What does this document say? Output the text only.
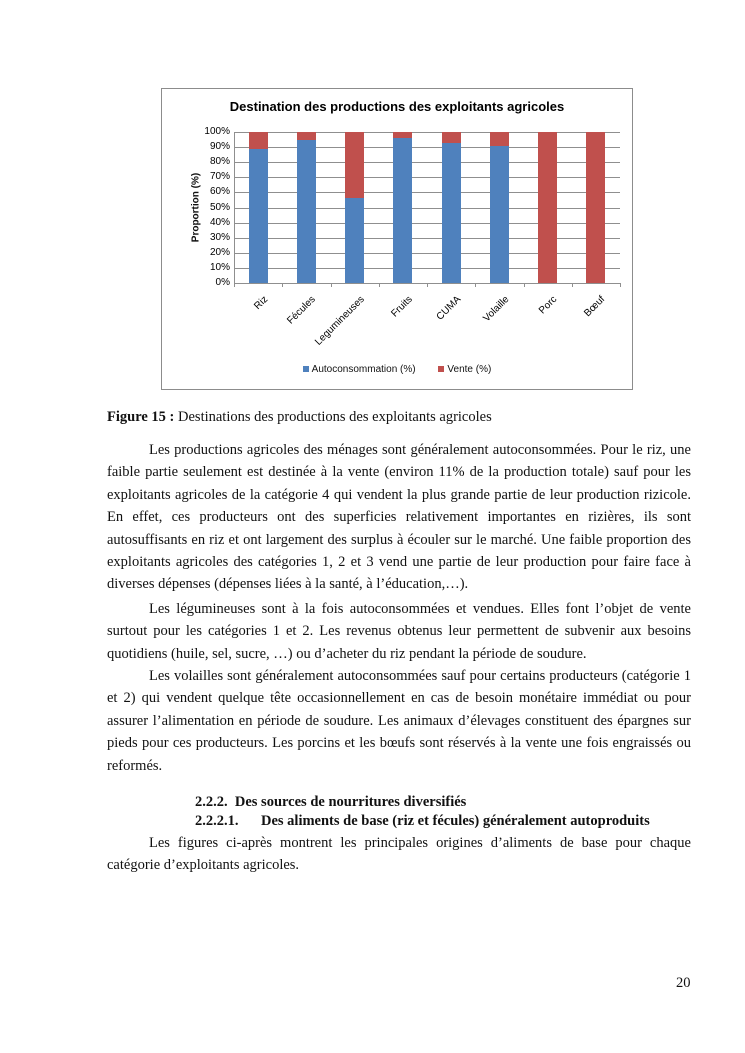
Destination des productions des exploitants agricoles
Proportion (%)
0%
10%
20%
30%
40%
50%
60%
70%
80%
90%
100%
Riz Fécules
Legumineuses Fruits CUMA Volaille	Porc Bœuf
Autoconsommation (%)	Vente (%)
Figure 15 : Destinations des productions des exploitants agricoles
Les productions agricoles des ménages sont généralement autoconsommées. Pour le riz, une faible partie seulement est destinée à la vente (environ 11% de la production totale) sauf pour les exploitants agricoles de la catégorie 4 qui vendent la plus grande partie de leur production rizicole. En effet, ces producteurs ont des superficies relativement importantes en rizières, ils sont autosuffisants en riz et ont largement des surplus à écouler sur le marché. Une faible proportion des exploitants agricoles des catégories 1, 2 et 3 vend une partie de leur production pour faire face à diverses dépenses (dépenses liées à la santé, à l’éducation,…).
Les légumineuses sont à la fois autoconsommées et vendues. Elles font l’objet de vente surtout pour les catégories 1 et 2. Les revenus obtenus leur permettent de subvenir aux besoins quotidiens (huile, sel, sucre, …) ou d’acheter du riz pendant la période de soudure.
Les volailles sont généralement autoconsommées sauf pour certains producteurs (catégorie 1 et 2) qui vendent quelque tête occasionnellement en cas de besoin monétaire immédiat ou pour assurer l’alimentation en période de soudure. Les animaux d’élevages constituent des épargnes sur pieds pour ces producteurs. Les porcins et les bœufs sont réservés à la vente une fois engraissés ou reformés.
2.2.2. Des sources de nourritures diversifiés
2.2.2.1. Des aliments de base (riz et fécules) généralement autoproduits
Les figures ci-après montrent les principales origines d’aliments de base pour chaque catégorie d’exploitants agricoles.
20
